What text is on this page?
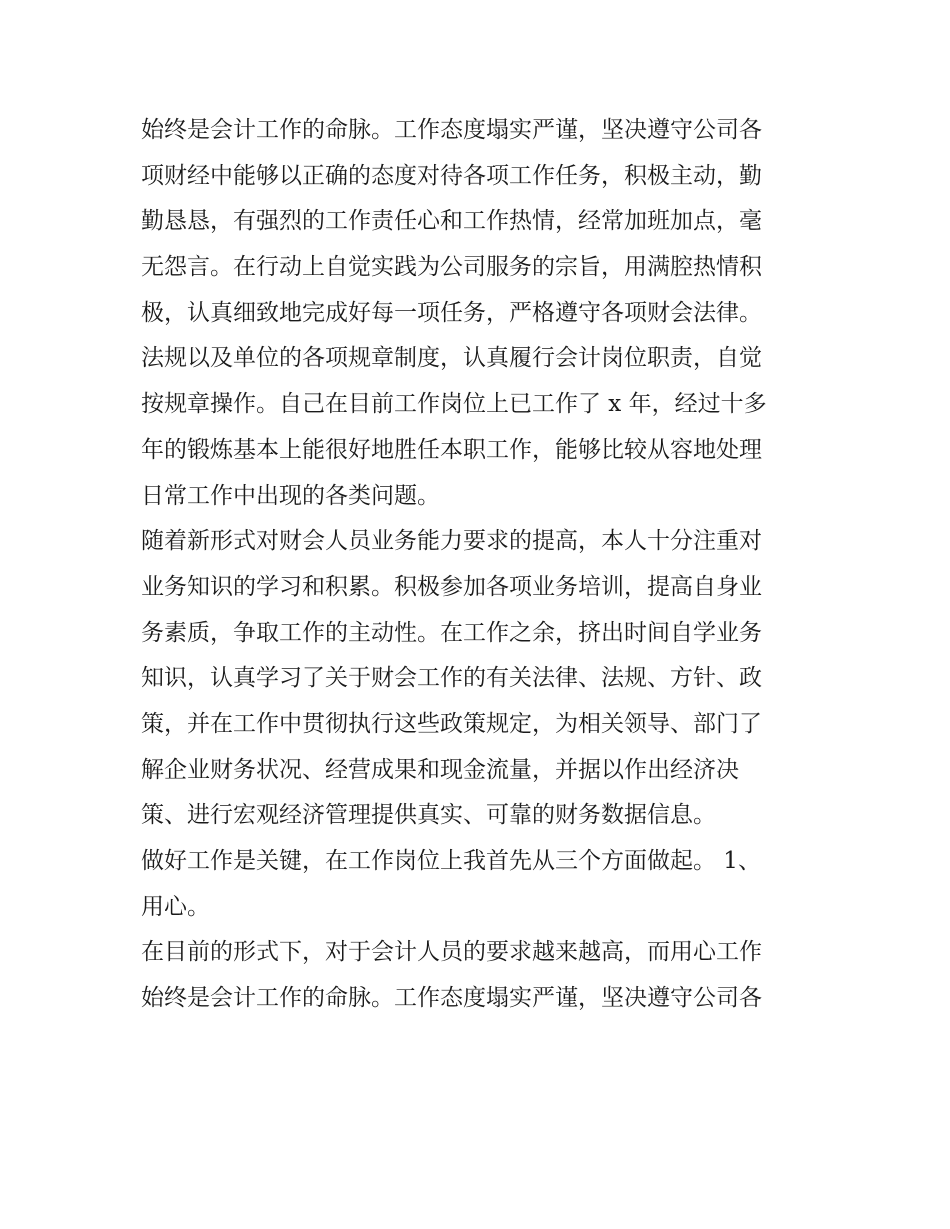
始终是会计工作的命脉。工作态度塌实严谨，坚决遵守公司各
项财经中能够以正确的态度对待各项工作任务，积极主动，勤
勤恳恳，有强烈的工作责任心和工作热情，经常加班加点，毫
无怨言。在行动上自觉实践为公司服务的宗旨，用满腔热情积
极，认真细致地完成好每一项任务，严格遵守各项财会法律。
法规以及单位的各项规章制度，认真履行会计岗位职责，自觉
按规章操作。自己在目前工作岗位上已工作了 x 年，经过十多
年的锻炼基本上能很好地胜任本职工作，能够比较从容地处理
日常工作中出现的各类问题。
随着新形式对财会人员业务能力要求的提高，本人十分注重对
业务知识的学习和积累。积极参加各项业务培训，提高自身业
务素质，争取工作的主动性。在工作之余，挤出时间自学业务
知识，认真学习了关于财会工作的有关法律、法规、方针、政
策，并在工作中贯彻执行这些政策规定，为相关领导、部门了
解企业财务状况、经营成果和现金流量，并据以作出经济决
策、进行宏观经济管理提供真实、可靠的财务数据信息。
做好工作是关键，在工作岗位上我首先从三个方面做起。 1、
用心。
在目前的形式下，对于会计人员的要求越来越高，而用心工作
始终是会计工作的命脉。工作态度塌实严谨，坚决遵守公司各
